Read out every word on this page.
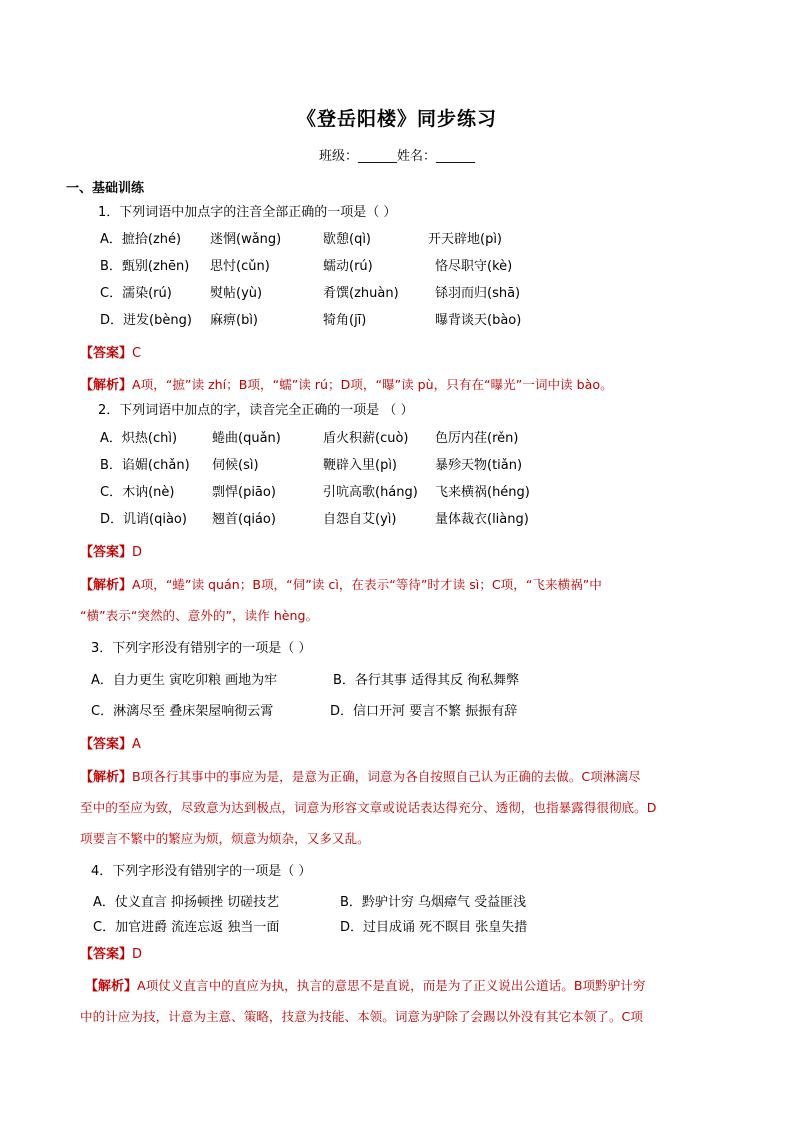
《登岳阳楼》同步练习
班级：______姓名：______
一、基础训练
1．下列词语中加点字的注音全部正确的一项是（ ）
A．摭拾(zhé) 迷惘(wǎng)	歇憩(qì)	开天辟地(pì)
B．甄别(zhēn) 思忖(cǔn)	蠕动(rú)	恪尽职守(kè)
C．濡染(rú)	熨帖(yù)	肴馔(zhuàn)	铩羽而归(shā)
D．迸发(bèng) 麻痹(bì)	犄角(jī)	曝背谈天(bào)
【答案】C
【解析】A项，“摭”读 zhí；B项，“蠕”读 rú；D项，“曝”读 pù，只有在“曝光”一词中读 bào。
2．下列词语中加点的字，读音完全正确的一项是 （ ）
A．炽热(chì)	蜷曲(quǎn)	盾火积薪(cuò) 色厉内荏(rěn)
B．谄媚(chǎn) 伺候(sì)	鞭辟入里(pì)	暴殄天物(tiǎn)
C．木讷(nè)	剽悍(piāo)	引吭高歌(háng) 飞来横祸(héng)
D．讥诮(qiào) 翘首(qiáo)	自怨自艾(yì)	量体裁衣(liàng)
【答案】D
【解析】A项，“蜷”读 quán；B项，“伺”读 cì，在表示“等待”时才读 sì；C项，“飞来横祸”中
“横”表示“突然的、意外的”，读作 hèng。
3．下列字形没有错别字的一项是（ ）
A．自力更生 寅吃卯粮 画地为牢	B．各行其事 适得其反 徇私舞弊
C．淋漓尽至 叠床架屋响彻云霄	D．信口开河 要言不繁 振振有辞
【答案】A
【解析】B项各行其事中的事应为是，是意为正确，词意为各自按照自己认为正确的去做。C项淋漓尽
至中的至应为致，尽致意为达到极点，词意为形容文章或说话表达得充分、透彻，也指暴露得很彻底。D
项要言不繁中的繁应为烦，烦意为烦杂，又多又乱。
4．下列字形没有错别字的一项是（ ）
A．仗义直言 抑扬顿挫 切磋技艺	B．黔驴计穷 乌烟瘴气 受益匪浅
C．加官进爵 流连忘返 独当一面	D．过目成诵 死不瞑目 张皇失措
【答案】D
【解析】A项仗义直言中的直应为执，执言的意思不是直说，而是为了正义说出公道话。B项黔驴计穷
中的计应为技，计意为主意、策略，技意为技能、本领。词意为驴除了会踢以外没有其它本领了。C项
